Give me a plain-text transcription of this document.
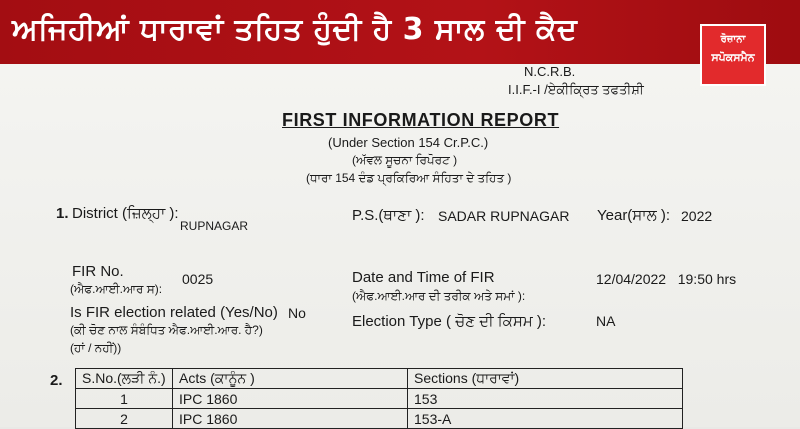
ਅਜਿਹੀਆਂ ਧਾਰਾਵਾਂ ਤਹਿਤ ਹੁੰਦੀ ਹੈ 3 ਸਾਲ ਦੀ ਕੈਦ	ਰੋਜ਼ਾਨਾ
ਸਪੋਕਸਮੈਨ
N.C.R.B.
I.I.F.-I /ਏਕੀਕ੍ਰਿਤ ਤਫਤੀਸ਼ੀ
FIRST INFORMATION REPORT
(Under Section 154 Cr.P.C.)
(ਅੱਵਲ ਸੂਚਨਾ ਰਿਪੋਰਟ )
(ਧਾਰਾ 154 ਦੰਡ ਪ੍ਰਕਿਰਿਆ ਸੰਹਿਤਾ ਦੇ ਤਹਿਤ )
1. District (ਜ਼ਿਲ੍ਹਾ ):
RUPNAGAR
P.S.(ਥਾਣਾ ): SADAR RUPNAGAR Year(ਸਾਲ ): 2022
FIR No.
(ਐਫ.ਆਈ.ਆਰ ਸ):
0025	Date and Time of FIR
(ਐਫ.ਆਈ.ਆਰ ਦੀ ਤਰੀਕ ਅਤੇ ਸਮਾਂ ):
12/04/2022   19:50 hrs
Is FIR election related (Yes/No) No
(ਕੀ ਚੋਣ ਨਾਲ ਸੰਬੰਧਿਤ ਐਫ.ਆਈ.ਆਰ. ਹੈ?)
(ਹਾਂ / ਨਹੀਂ))
Election Type ( ਚੋਣ ਦੀ ਕਿਸਮ ):	NA
2. S.No.(ਲੜੀ ਨੰ.)	Acts (ਕਾਨੂੰਨ )	Sections (ਧਾਰਾਵਾਂ)
1	IPC 1860	153
2	IPC 1860	153-A
